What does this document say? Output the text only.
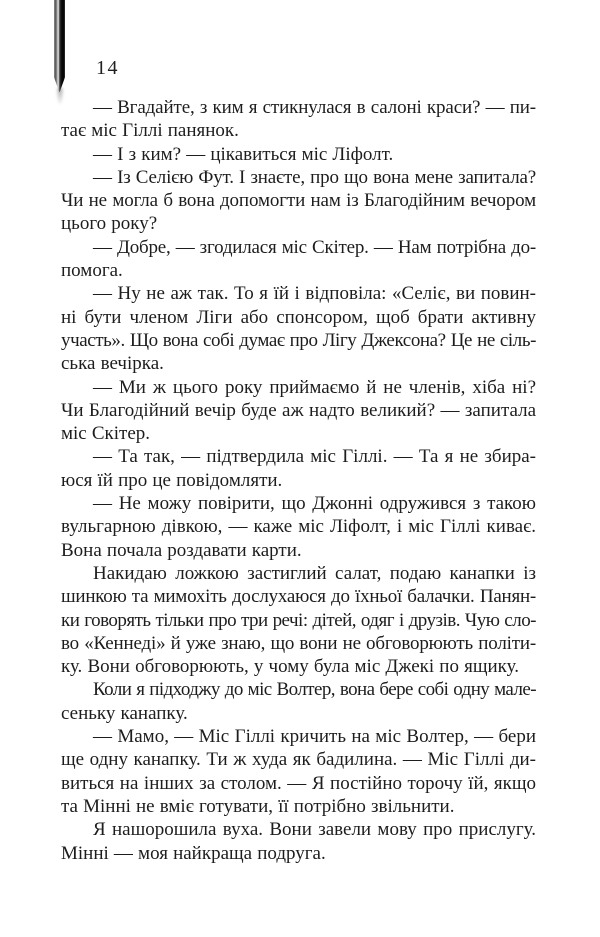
14
— Вгадайте, з ким я стикнулася в салоні краси? — пи-
тає міс Гіллі панянок.
— І з ким? — цікавиться міс Ліфолт.
— Із Селією Фут. І знаєте, про що вона мене запитала?
Чи не могла б вона допомогти нам із Благодійним вечором
цього року?
— Добре, — згодилася міс Скітер. — Нам потрібна до-
помога.
— Ну не аж так. То я їй і відповіла: «Селіє, ви повин-
ні бути членом Ліги або спонсором, щоб брати активну
участь». Що вона собі думає про Лігу Джексона? Це не сіль-
ська вечірка.
— Ми ж цього року приймаємо й не членів, хіба ні?
Чи Благодійний вечір буде аж надто великий? — запитала
міс Скітер.
— Та так, — підтвердила міс Гіллі. — Та я не збира-
юся їй про це повідомляти.
— Не можу повірити, що Джонні одружився з такою
вульгарною дівкою, — каже міс Ліфолт, і міс Гіллі киває.
Вона почала роздавати карти.
Накидаю ложкою застиглий салат, подаю канапки із
шинкою та мимохіть дослухаюся до їхньої балачки. Панян-
ки говорять тільки про три речі: дітей, одяг і друзів. Чую сло-
во «Кеннеді» й уже знаю, що вони не обговорюють політи-
ку. Вони обговорюють, у чому була міс Джекі по ящику.
Коли я підходжу до міс Волтер, вона бере собі одну мале-
сеньку канапку.
— Мамо, — Міс Гіллі кричить на міс Волтер, — бери
ще одну канапку. Ти ж худа як бадилина. — Міс Гіллі ди-
виться на інших за столом. — Я постійно торочу їй, якщо
та Мінні не вміє готувати, її потрібно звільнити.
Я нашорошила вуха. Вони завели мову про прислугу.
Мінні — моя найкраща подруга.
